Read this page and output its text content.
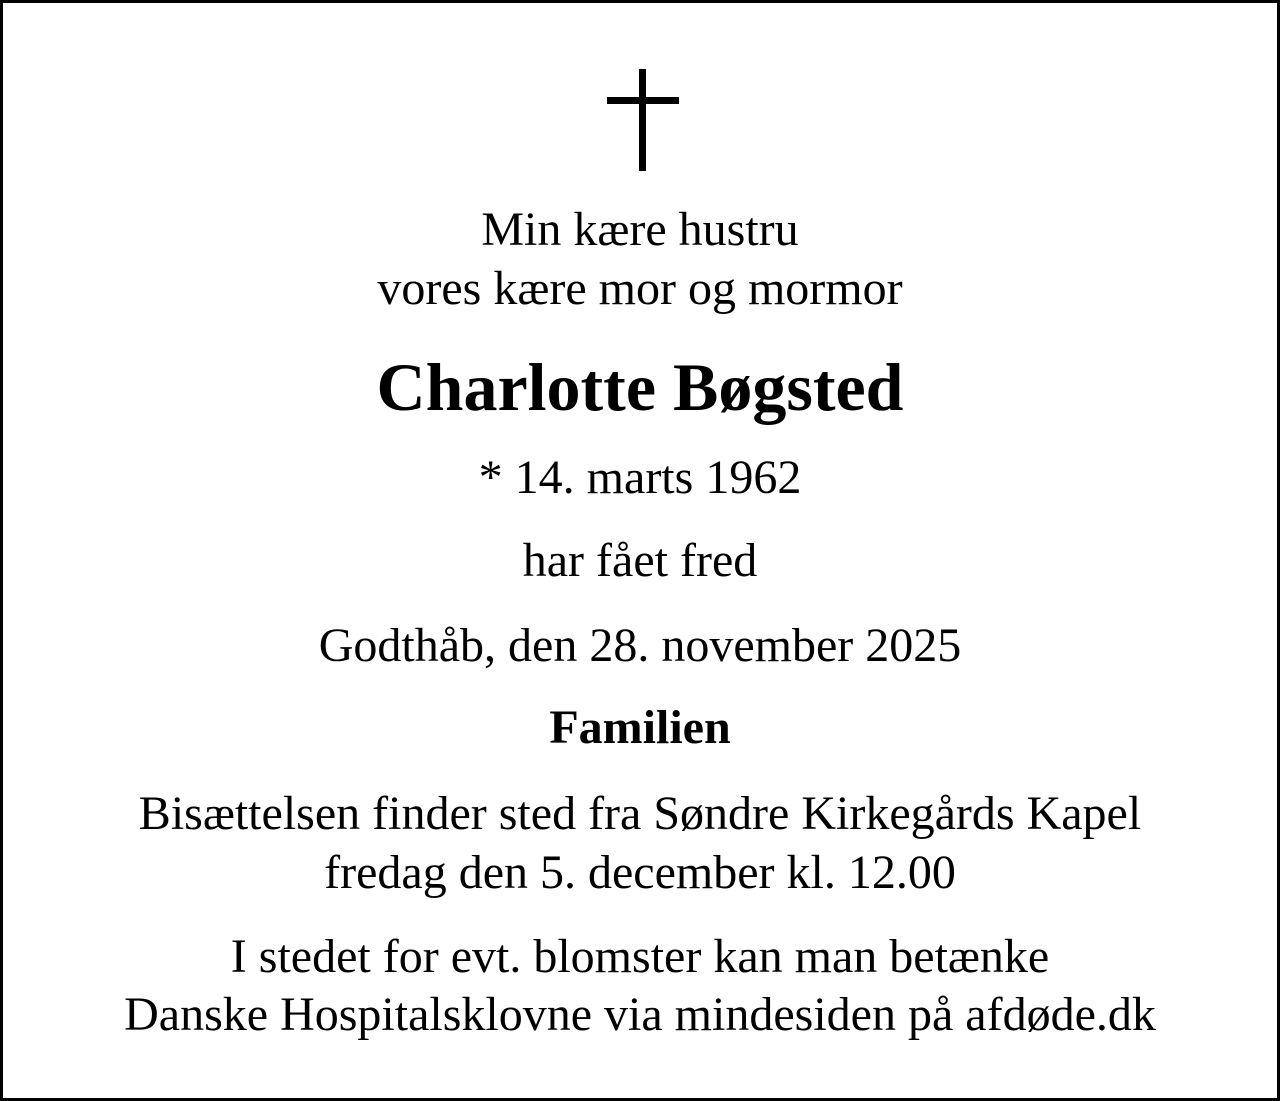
Min kære hustru
vores kære mor og mormor
Charlotte Bøgsted
* 14. marts 1962
har fået fred
Godthåb, den 28. november 2025
Familien
Bisættelsen finder sted fra Søndre Kirkegårds Kapel
fredag den 5. december kl. 12.00
I stedet for evt. blomster kan man betænke
Danske Hospitalsklovne via mindesiden på afdøde.dk
